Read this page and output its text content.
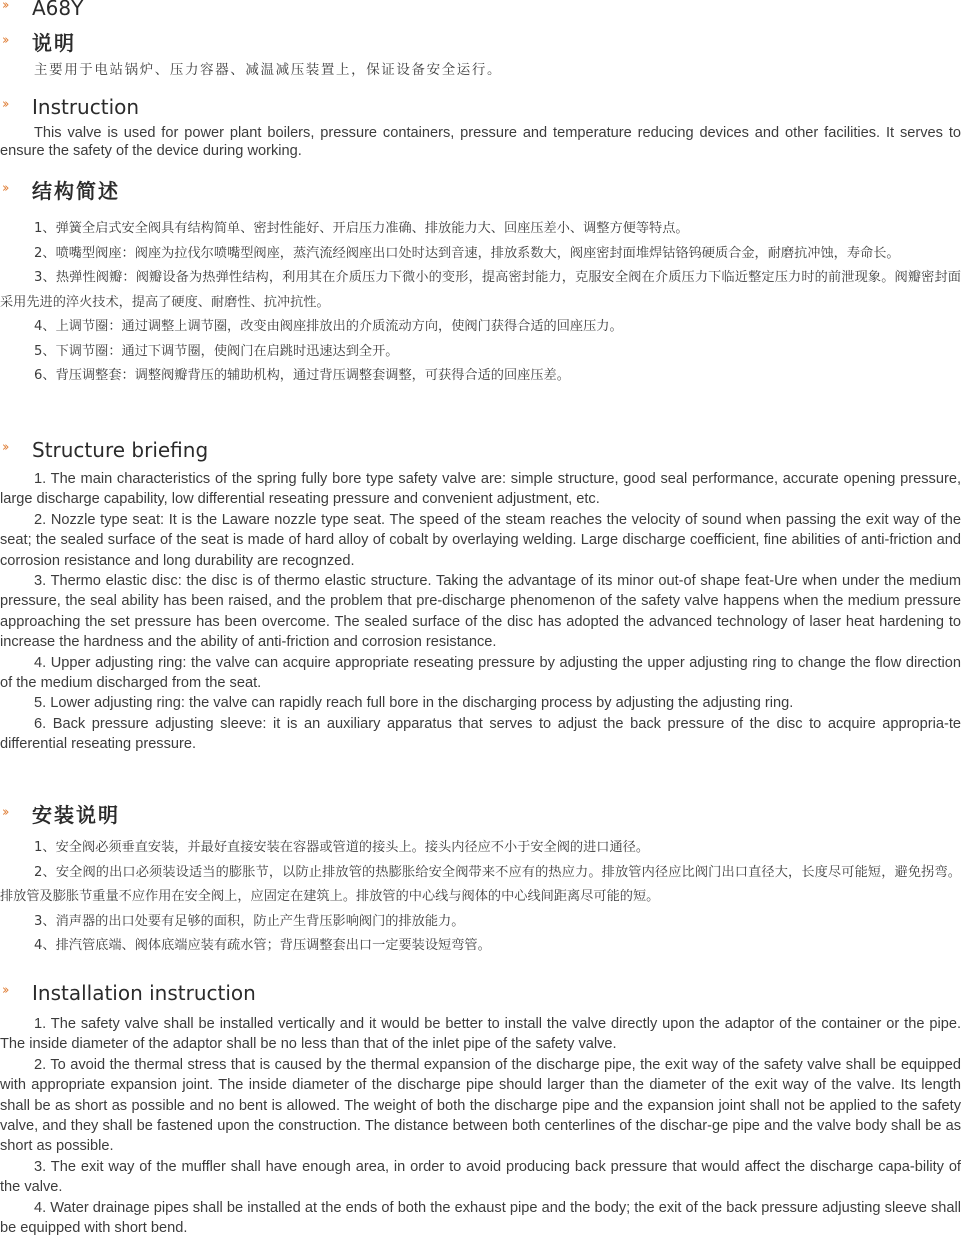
›› A68Y
›› 说明

主要用于电站锅炉、压力容器、减温减压装置上，保证设备安全运行。

›› Instruction

This valve is used for power plant boilers, pressure containers, pressure and temperature reducing devices and other facilities. It serves to ensure the safety of the device during working.

›› 结构简述

1、弹簧全启式安全阀具有结构简单、密封性能好、开启压力准确、排放能力大、回座压差小、调整方便等特点。

2、喷嘴型阀座：阀座为拉伐尔喷嘴型阀座，蒸汽流经阀座出口处时达到音速，排放系数大，阀座密封面堆焊钴铬钨硬质合金，耐磨抗冲蚀，寿命长。

3、热弹性阀瓣：阀瓣设备为热弹性结构，利用其在介质压力下微小的变形，提高密封能力，克服安全阀在介质压力下临近整定压力时的前泄现象。阀瓣密封面采用先进的淬火技术，提高了硬度、耐磨性、抗冲抗性。

4、上调节圈：通过调整上调节圈，改变由阀座排放出的介质流动方向，使阀门获得合适的回座压力。

5、下调节圈：通过下调节圈，使阀门在启跳时迅速达到全开。

6、背压调整套：调整阀瓣背压的辅助机构，通过背压调整套调整，可获得合适的回座压差。

›› Structure briefing

1. The main characteristics of the spring fully bore type safety valve are: simple structure, good seal performance, accurate opening pressure, large discharge capability, low differential reseating pressure and convenient adjustment, etc.

2. Nozzle type seat: It is the Laware nozzle type seat. The speed of the steam reaches the velocity of sound when passing the exit way of the seat; the sealed surface of the seat is made of hard alloy of cobalt by overlaying welding. Large discharge coefficient, fine abilities of anti-friction and corrosion resistance and long durability are recognzed.

3. Thermo elastic disc: the disc is of thermo elastic structure. Taking the advantage of its minor out-of shape feat-Ure when under the medium pressure, the seal ability has been raised, and the problem that pre-discharge phenomenon of the safety valve happens when the medium pressure approaching the set pressure has been overcome. The sealed surface of the disc has adopted the advanced technology of laser heat hardening to increase the hardness and the ability of anti-friction and corrosion resistance.

4. Upper adjusting ring: the valve can acquire appropriate reseating pressure by adjusting the upper adjusting ring to change the flow direction of the medium discharged from the seat.

5. Lower adjusting ring: the valve can rapidly reach full bore in the discharging process by adjusting the adjusting ring.

6. Back pressure adjusting sleeve: it is an auxiliary apparatus that serves to adjust the back pressure of the disc to acquire appropria-te differential reseating pressure.

›› 安装说明

1、安全阀必须垂直安装，并最好直接安装在容器或管道的接头上。接头内径应不小于安全阀的进口通径。

2、安全阀的出口必须装设适当的膨胀节，以防止排放管的热膨胀给安全阀带来不应有的热应力。排放管内径应比阀门出口直径大，长度尽可能短，避免拐弯。排放管及膨胀节重量不应作用在安全阀上，应固定在建筑上。排放管的中心线与阀体的中心线间距离尽可能的短。

3、消声器的出口处要有足够的面积，防止产生背压影响阀门的排放能力。

4、排汽管底端、阀体底端应装有疏水管；背压调整套出口一定要装设短弯管。

›› Installation instruction

1. The safety valve shall be installed vertically and it would be better to install the valve directly upon the adaptor of the container or the pipe. The inside diameter of the adaptor shall be no less than that of the inlet pipe of the safety valve.

2. To avoid the thermal stress that is caused by the thermal expansion of the discharge pipe, the exit way of the safety valve shall be equipped with appropriate expansion joint. The inside diameter of the discharge pipe should larger than the diameter of the exit way of the valve. Its length shall be as short as possible and no bent is allowed. The weight of both the discharge pipe and the expansion joint shall not be applied to the safety valve, and they shall be fastened upon the construction. The distance between both centerlines of the dischar-ge pipe and the valve body shall be as short as possible.

3. The exit way of the muffler shall have enough area, in order to avoid producing back pressure that would affect the discharge capa-bility of the valve.

4. Water drainage pipes shall be installed at the ends of both the exhaust pipe and the body; the exit of the back pressure adjusting sleeve shall be equipped with short bend.
